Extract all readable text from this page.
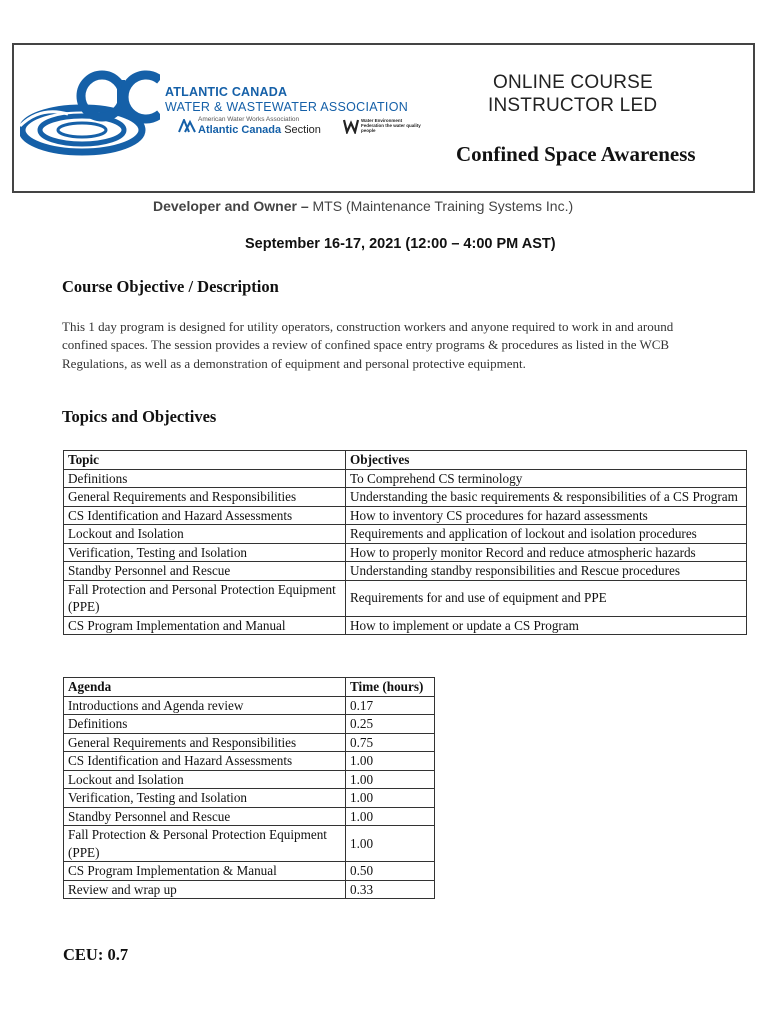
ATLANTIC CANADA
WATER & WASTEWATER ASSOCIATION
American Water Works Association
Atlantic Canada Section
Water Environment Federation the water quality people
ONLINE COURSE
INSTRUCTOR LED
Confined Space Awareness
Developer and Owner – MTS (Maintenance Training Systems Inc.)
September 16-17, 2021 (12:00 – 4:00 PM AST)
Course Objective / Description
This 1 day program is designed for utility operators, construction workers and anyone required to work in and around confined spaces. The session provides a review of confined space entry programs & procedures as listed in the WCB Regulations, as well as a demonstration of equipment and personal protective equipment.
Topics and Objectives
Topic	Objectives
Definitions	To Comprehend CS terminology
General Requirements and Responsibilities	Understanding the basic requirements & responsibilities of a CS Program
CS Identification and Hazard Assessments	How to inventory CS procedures for hazard assessments
Lockout and Isolation	Requirements and application of lockout and isolation procedures
Verification, Testing and Isolation	How to properly monitor Record and reduce atmospheric hazards
Standby Personnel and Rescue	Understanding standby responsibilities and Rescue procedures
Fall Protection and Personal Protection Equipment (PPE)	Requirements for and use of equipment and PPE
CS Program Implementation and Manual	How to implement or update a CS Program
Agenda	Time (hours)
Introductions and Agenda review	0.17
Definitions	0.25
General Requirements and Responsibilities	0.75
CS Identification and Hazard Assessments	1.00
Lockout and Isolation	1.00
Verification, Testing and Isolation	1.00
Standby Personnel and Rescue	1.00
Fall Protection & Personal Protection Equipment (PPE)	1.00
CS Program Implementation & Manual	0.50
Review and wrap up	0.33
CEU: 0.7
